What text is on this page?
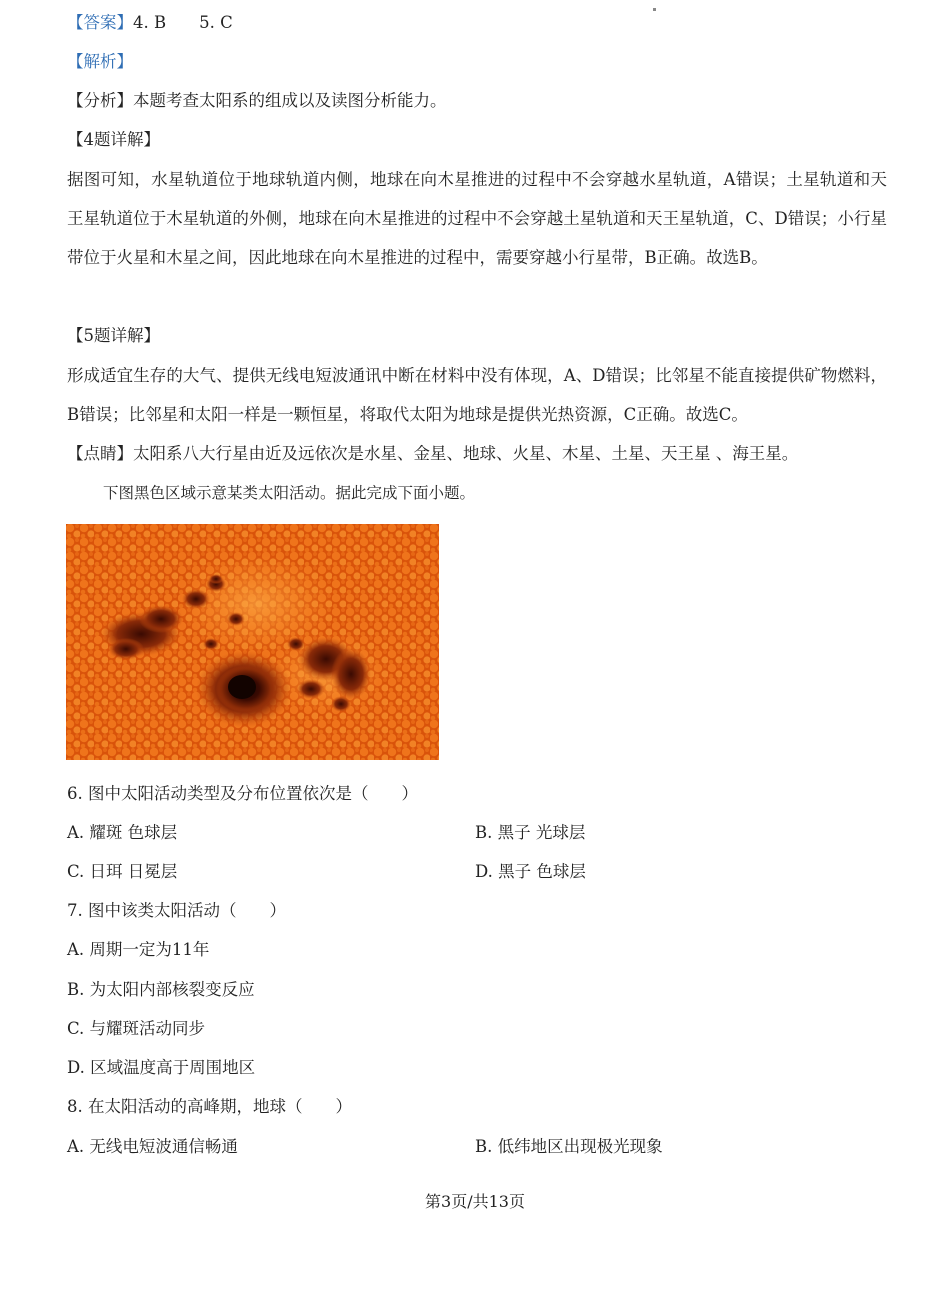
【答案】4. B　　5. C
【解析】
【分析】本题考查太阳系的组成以及读图分析能力。
【4题详解】
据图可知，水星轨道位于地球轨道内侧，地球在向木星推进的过程中不会穿越水星轨道，A错误；土星轨道和天王星轨道位于木星轨道的外侧，地球在向木星推进的过程中不会穿越土星轨道和天王星轨道，C、D错误；小行星带位于火星和木星之间，因此地球在向木星推进的过程中，需要穿越小行星带，B正确。故选B。
【5题详解】
形成适宜生存的大气、提供无线电短波通讯中断在材料中没有体现，A、D错误；比邻星不能直接提供矿物燃料，B错误；比邻星和太阳一样是一颗恒星，将取代太阳为地球是提供光热资源，C正确。故选C。
【点睛】太阳系八大行星由近及远依次是水星、金星、地球、火星、木星、土星、天王星 、海王星。
下图黑色区域示意某类太阳活动。据此完成下面小题。
6. 图中太阳活动类型及分布位置依次是（　　）
A. 耀斑 色球层	B. 黑子 光球层
C. 日珥 日冕层	D. 黑子 色球层
7. 图中该类太阳活动（　　）
A. 周期一定为11年
B. 为太阳内部核裂变反应
C. 与耀斑活动同步
D. 区域温度高于周围地区
8. 在太阳活动的高峰期，地球（　　）
A. 无线电短波通信畅通	B. 低纬地区出现极光现象
第3页/共13页
